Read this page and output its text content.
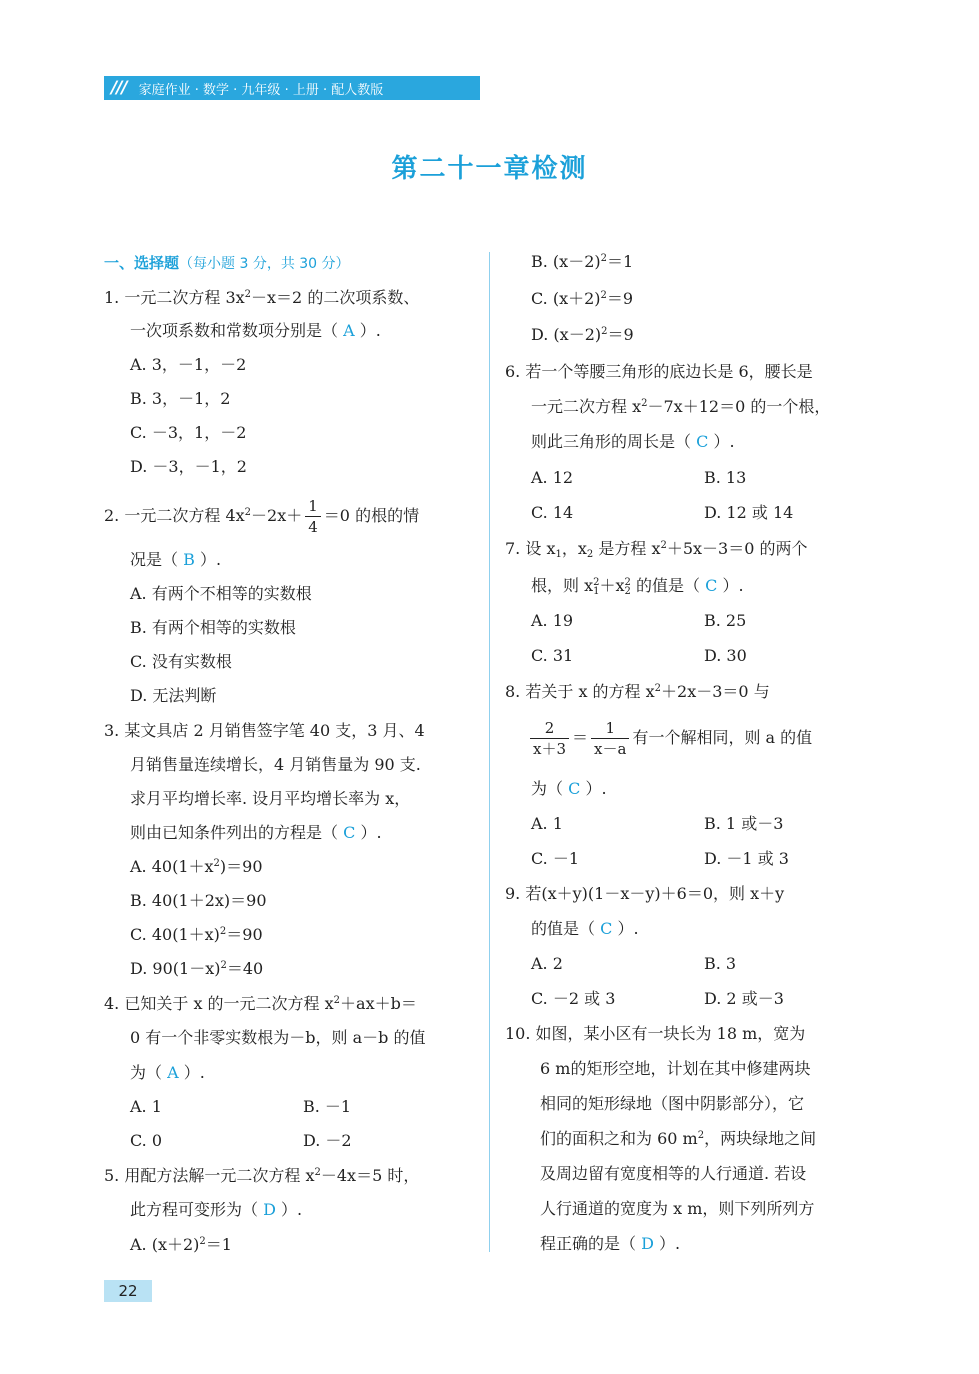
/// 家庭作业 · 数学 · 九年级 · 上册 · 配人教版
第二十一章检测
一、选择题（每小题 3 分，共 30 分）
1. 一元二次方程 $3x^2-x=2$ 的二次项系数、
一次项系数和常数项分别是（ A ）.
A. 3，－1，－2
B. 3，－1，2
C. －3，1，－2
D. －3，－1，2
2. 一元二次方程 $4x^2-2x+ \frac{1}{4} =0$ 的根的情
况是（ B ）.
A. 有两个不相等的实数根
B. 有两个相等的实数根
C. 没有实数根
D. 无法判断
3. 某文具店 2 月销售签字笔 40 支，3 月、4
月销售量连续增长，4 月销售量为 90 支.
求月平均增长率. 设月平均增长率为 x，
则由已知条件列出的方程是（ C ）.
A. $40(1+x^2)=90$
B. 40(1＋2x)＝90
C. $40(1+x)^2=90$
D. $90(1-x)^2=40$
4. 已知关于 x 的一元二次方程 $x^2+ax+b=$
0 有一个非零实数根为－b，则 a－b 的值
为（ A ）.
A. 1	B. －1
C. 0	D. －2
5. 用配方法解一元二次方程 $x^2-4x=5$ 时，
此方程可变形为（ D ）.
A. $(x+2)^2=1$
B. $(x-2)^2=1$
C. $(x+2)^2=9$
D. $(x-2)^2=9$
6. 若一个等腰三角形的底边长是 6，腰长是
一元二次方程 $x^2-7x+12=0$ 的一个根，
则此三角形的周长是（ C ）.
A. 12	B. 13
C. 14	D. 12 或 14
7. 设 $x_1$，$x_2$ 是方程 $x^2+5x-3=0$ 的两个
根，则 x 2
1 ＋x 2
2 的值是（ C ）.
A. 19	B. 25
C. 31	D. 30
8. 若关于 x 的方程 $x^2+2x-3=0$ 与
$\frac{2}{x+3} = \frac{1}{x-a}$ 有一个解相同，则 a 的值
为（ C ）.
A. 1	B. 1 或－3
C. －1	D. －1 或 3
9. 若(x＋y)(1－x－y)＋6＝0，则 x＋y
的值是（ C ）.
A. 2	B. 3
C. －2 或 3	D. 2 或－3
10. 如图，某小区有一块长为 18 m，宽为
6 m的矩形空地，计划在其中修建两块
相同的矩形绿地（图中阴影部分），它
们的面积之和为 60 $m^2$，两块绿地之间
及周边留有宽度相等的人行通道. 若设
人行通道的宽度为 x m，则下列所列方
程正确的是（ D ）.
22
